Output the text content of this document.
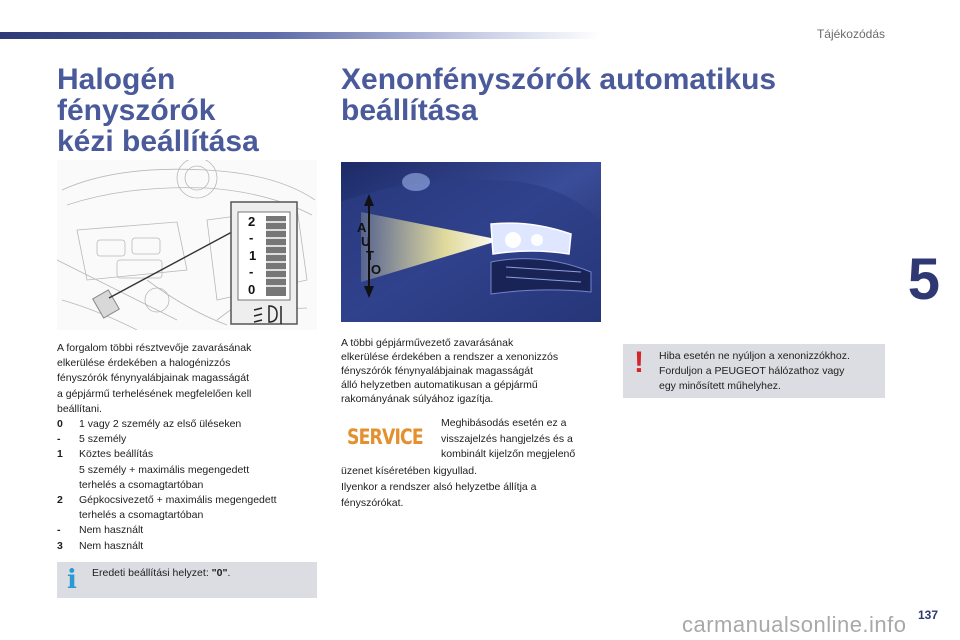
Tájékozódás
5
137
Halogén fényszórók
kézi beállítása
Xenonfényszórók automatikus beállítása
2
-
1
-
0
A
U
T
O
A forgalom többi résztvevője zavarásának
elkerülése érdekében a halogénizzós
fényszórók fénynyalábjainak magasságát
a gépjármű terhelésének megfelelően kell
beállítani.
0	1 vagy 2 személy az első üléseken
-	5 személy
1	Köztes beállítás
5 személy + maximális megengedett
terhelés a csomagtartóban
2	Gépkocsivezető + maximális megengedett
terhelés a csomagtartóban
-	Nem használt
3	Nem használt
i Eredeti beállítási helyzet: "0".
A többi gépjárművezető zavarásának
elkerülése érdekében a rendszer a xenonizzós
fényszórók fénynyalábjainak magasságát
álló helyzetben automatikusan a gépjármű
rakományának súlyához igazítja.
SERVICE
Meghibásodás esetén ez a
visszajelzés hangjelzés és a
kombinált kijelzőn megjelenő
üzenet kíséretében kigyullad.
Ilyenkor a rendszer alsó helyzetbe állítja a
fényszórókat.
! Hiba esetén ne nyúljon a xenonizzókhoz.
Forduljon a PEUGEOT hálózathoz vagy
egy minősített műhelyhez.
carmanualsonline.info
